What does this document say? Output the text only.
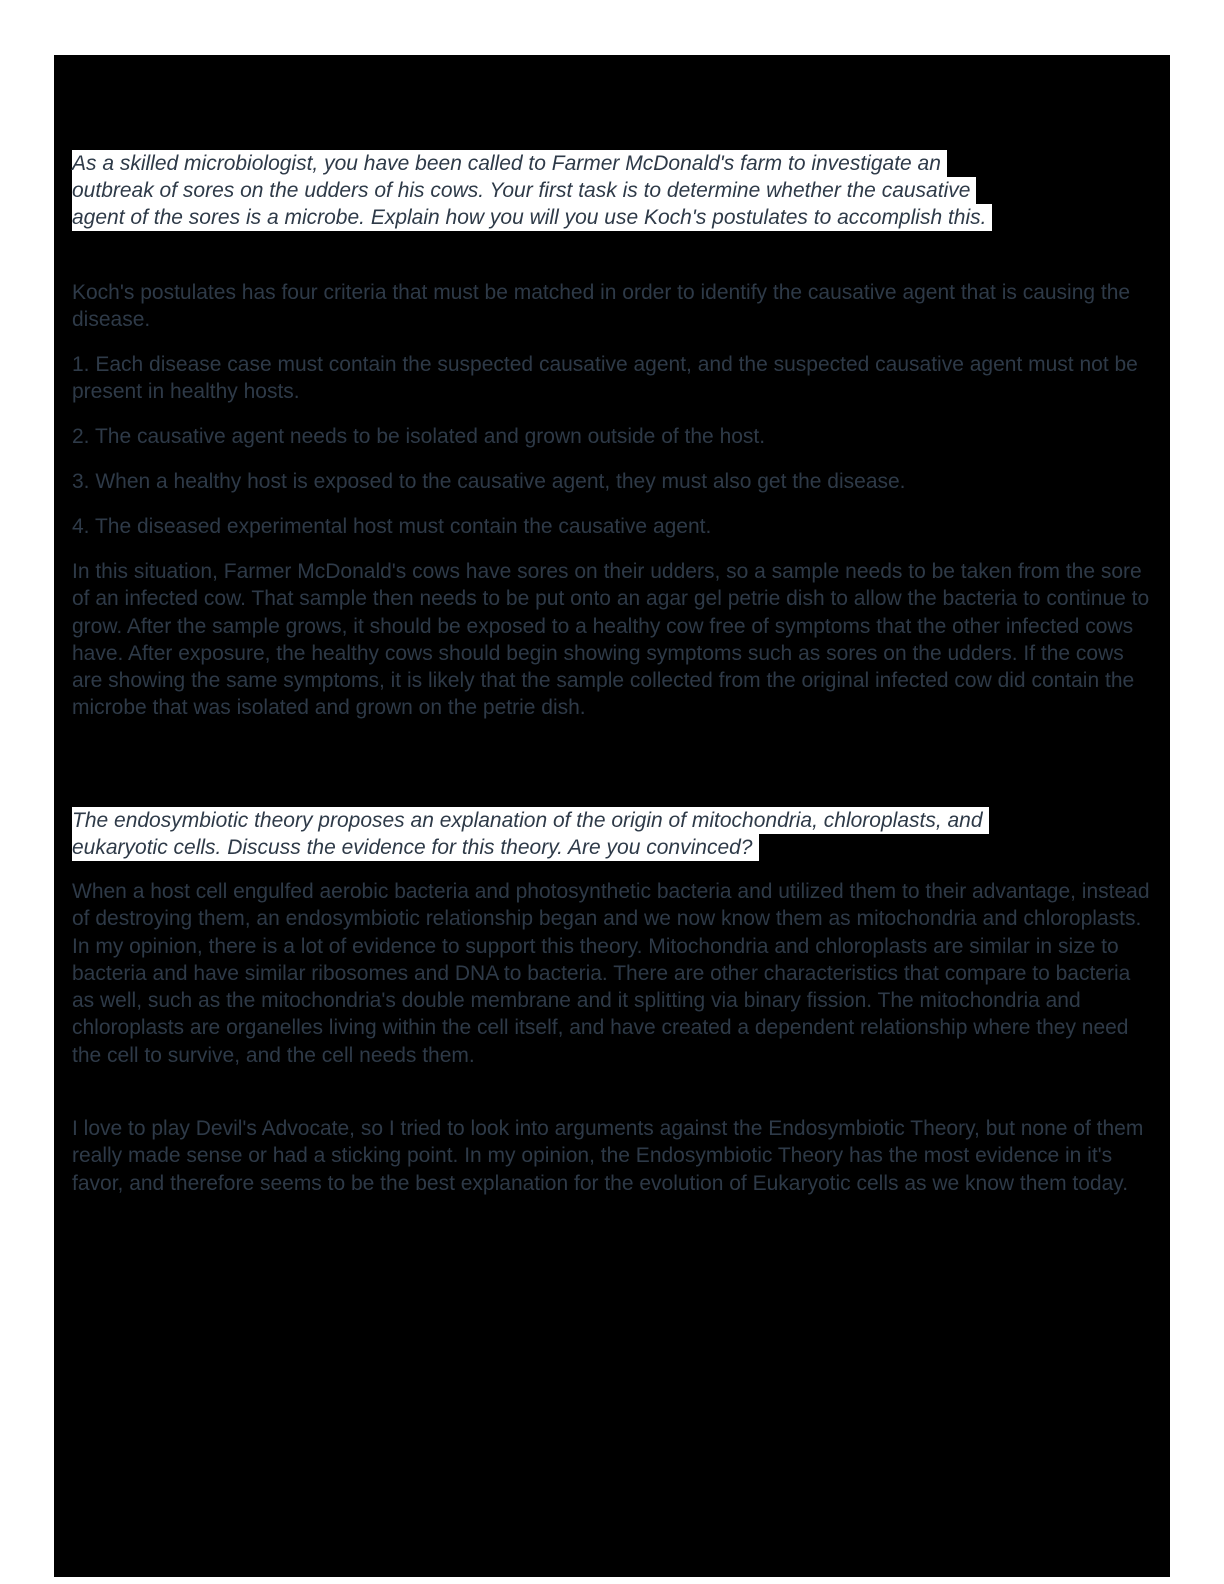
As a skilled microbiologist, you have been called to Farmer McDonald's farm to investigate an
outbreak of sores on the udders of his cows. Your first task is to determine whether the causative
agent of the sores is a microbe. Explain how you will you use Koch's postulates to accomplish this.

Koch's postulates has four criteria that must be matched in order to identify the causative agent that is causing the disease.

1. Each disease case must contain the suspected causative agent, and the suspected causative agent must not be present in healthy hosts.

2. The causative agent needs to be isolated and grown outside of the host.

3. When a healthy host is exposed to the causative agent, they must also get the disease.

4. The diseased experimental host must contain the causative agent.

In this situation, Farmer McDonald's cows have sores on their udders, so a sample needs to be taken from the sore of an infected cow. That sample then needs to be put onto an agar gel petrie dish to allow the bacteria to continue to grow. After the sample grows, it should be exposed to a healthy cow free of symptoms that the other infected cows have. After exposure, the healthy cows should begin showing symptoms such as sores on the udders. If the cows are showing the same symptoms, it is likely that the sample collected from the original infected cow did contain the microbe that was isolated and grown on the petrie dish.

The endosymbiotic theory proposes an explanation of the origin of mitochondria, chloroplasts, and
eukaryotic cells. Discuss the evidence for this theory. Are you convinced?

When a host cell engulfed aerobic bacteria and photosynthetic bacteria and utilized them to their advantage, instead of destroying them, an endosymbiotic relationship began and we now know them as mitochondria and chloroplasts. In my opinion, there is a lot of evidence to support this theory. Mitochondria and chloroplasts are similar in size to bacteria and have similar ribosomes and DNA to bacteria. There are other characteristics that compare to bacteria as well, such as the mitochondria's double membrane and it splitting via binary fission. The mitochondria and chloroplasts are organelles living within the cell itself, and have created a dependent relationship where they need the cell to survive, and the cell needs them.

I love to play Devil's Advocate, so I tried to look into arguments against the Endosymbiotic Theory, but none of them really made sense or had a sticking point. In my opinion, the Endosymbiotic Theory has the most evidence in it's favor, and therefore seems to be the best explanation for the evolution of Eukaryotic cells as we know them today.
